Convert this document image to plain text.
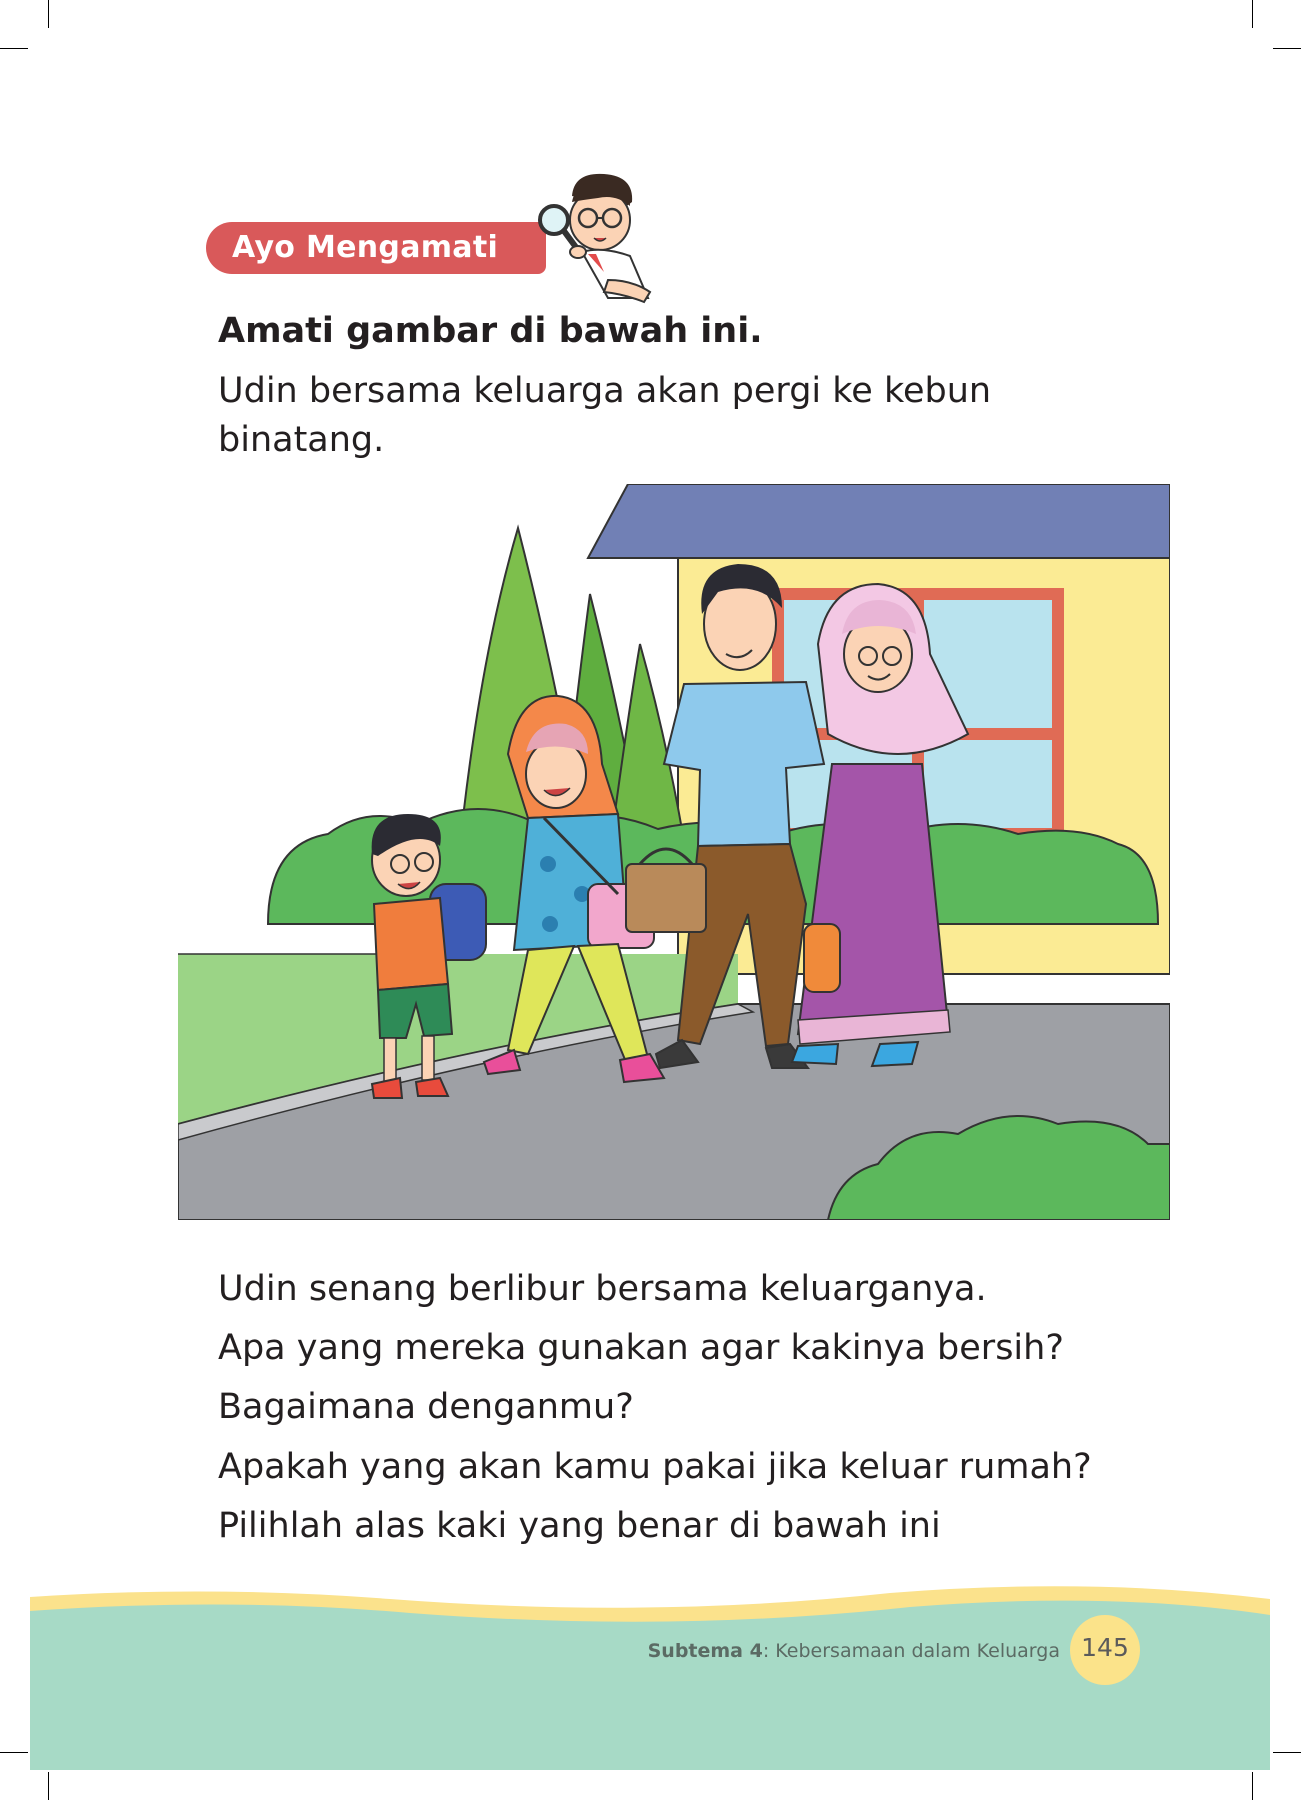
Ayo Mengamati
Amati gambar di bawah ini.
Udin bersama keluarga akan pergi ke kebun
binatang.
Udin senang berlibur bersama keluarganya.
Apa yang mereka gunakan agar kakinya bersih?
Bagaimana denganmu?
Apakah yang akan kamu pakai jika keluar rumah?
Pilihlah alas kaki yang benar di bawah ini
Subtema 4: Kebersamaan dalam Keluarga 145
